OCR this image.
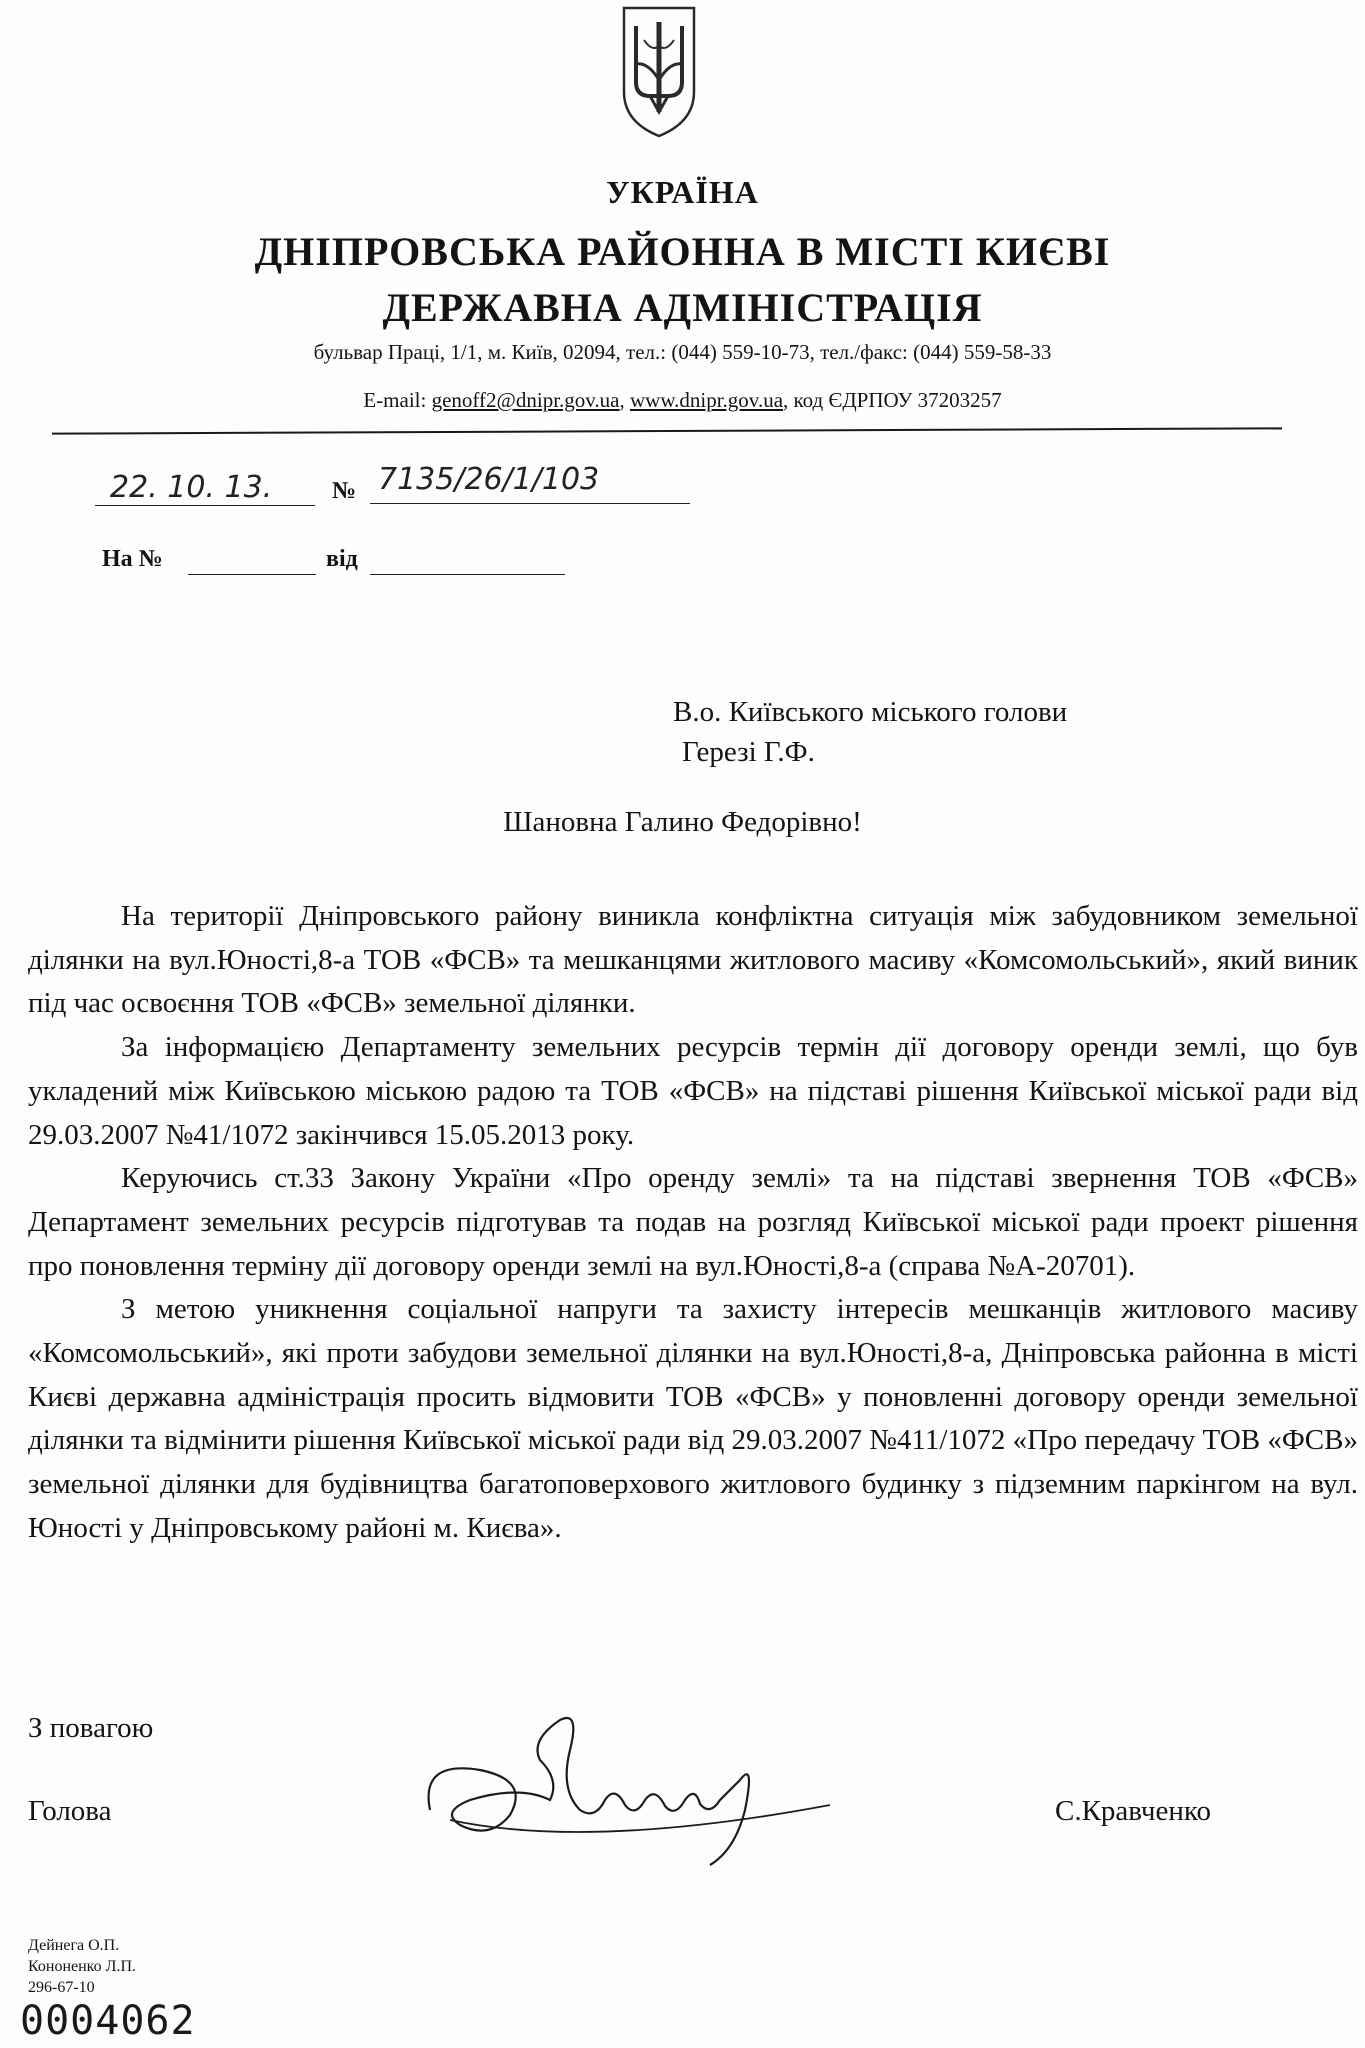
УКРАЇНА
ДНІПРОВСЬКА РАЙОННА В МІСТІ КИЄВІ
ДЕРЖАВНА АДМІНІСТРАЦІЯ
бульвар Праці, 1/1, м. Київ, 02094, тел.: (044) 559-10-73, тел./факс: (044) 559-58-33
E-mail: genoff2@dnipr.gov.ua, www.dnipr.gov.ua, код ЄДРПОУ 37203257
22. 10. 13. № 7135/26/1/103
На №	від
В.о. Київського міського голови
Герезі Г.Ф.
Шановна Галино Федорівно!

На території Дніпровського району виникла конфліктна ситуація між забудовником земельної ділянки на вул.Юності,8-а ТОВ «ФСВ» та мешканцями житлового масиву «Комсомольський», який виник під час освоєння ТОВ «ФСВ» земельної ділянки.

За інформацією Департаменту земельних ресурсів термін дії договору оренди землі, що був укладений між Київською міською радою та ТОВ «ФСВ» на підставі рішення Київської міської ради від 29.03.2007 №41/1072 закінчився 15.05.2013 року.

Керуючись ст.33 Закону України «Про оренду землі» та на підставі звернення ТОВ «ФСВ» Департамент земельних ресурсів підготував та подав на розгляд Київської міської ради проект рішення про поновлення терміну дії договору оренди землі на вул.Юності,8-а (справа №А-20701).

З метою уникнення соціальної напруги та захисту інтересів мешканців житлового масиву «Комсомольський», які проти забудови земельної ділянки на вул.Юності,8-а, Дніпровська районна в місті Києві державна адміністрація просить відмовити ТОВ «ФСВ» у поновленні договору оренди земельної ділянки та відмінити рішення Київської міської ради від 29.03.2007 №411/1072 «Про передачу ТОВ «ФСВ» земельної ділянки для будівництва багатоповерхового житлового будинку з підземним паркінгом на вул. Юності у Дніпровському районі м. Києва».

З повагою
Голова	С.Кравченко
Дейнега О.П.
Кононенко Л.П.
296-67-10
0004062
